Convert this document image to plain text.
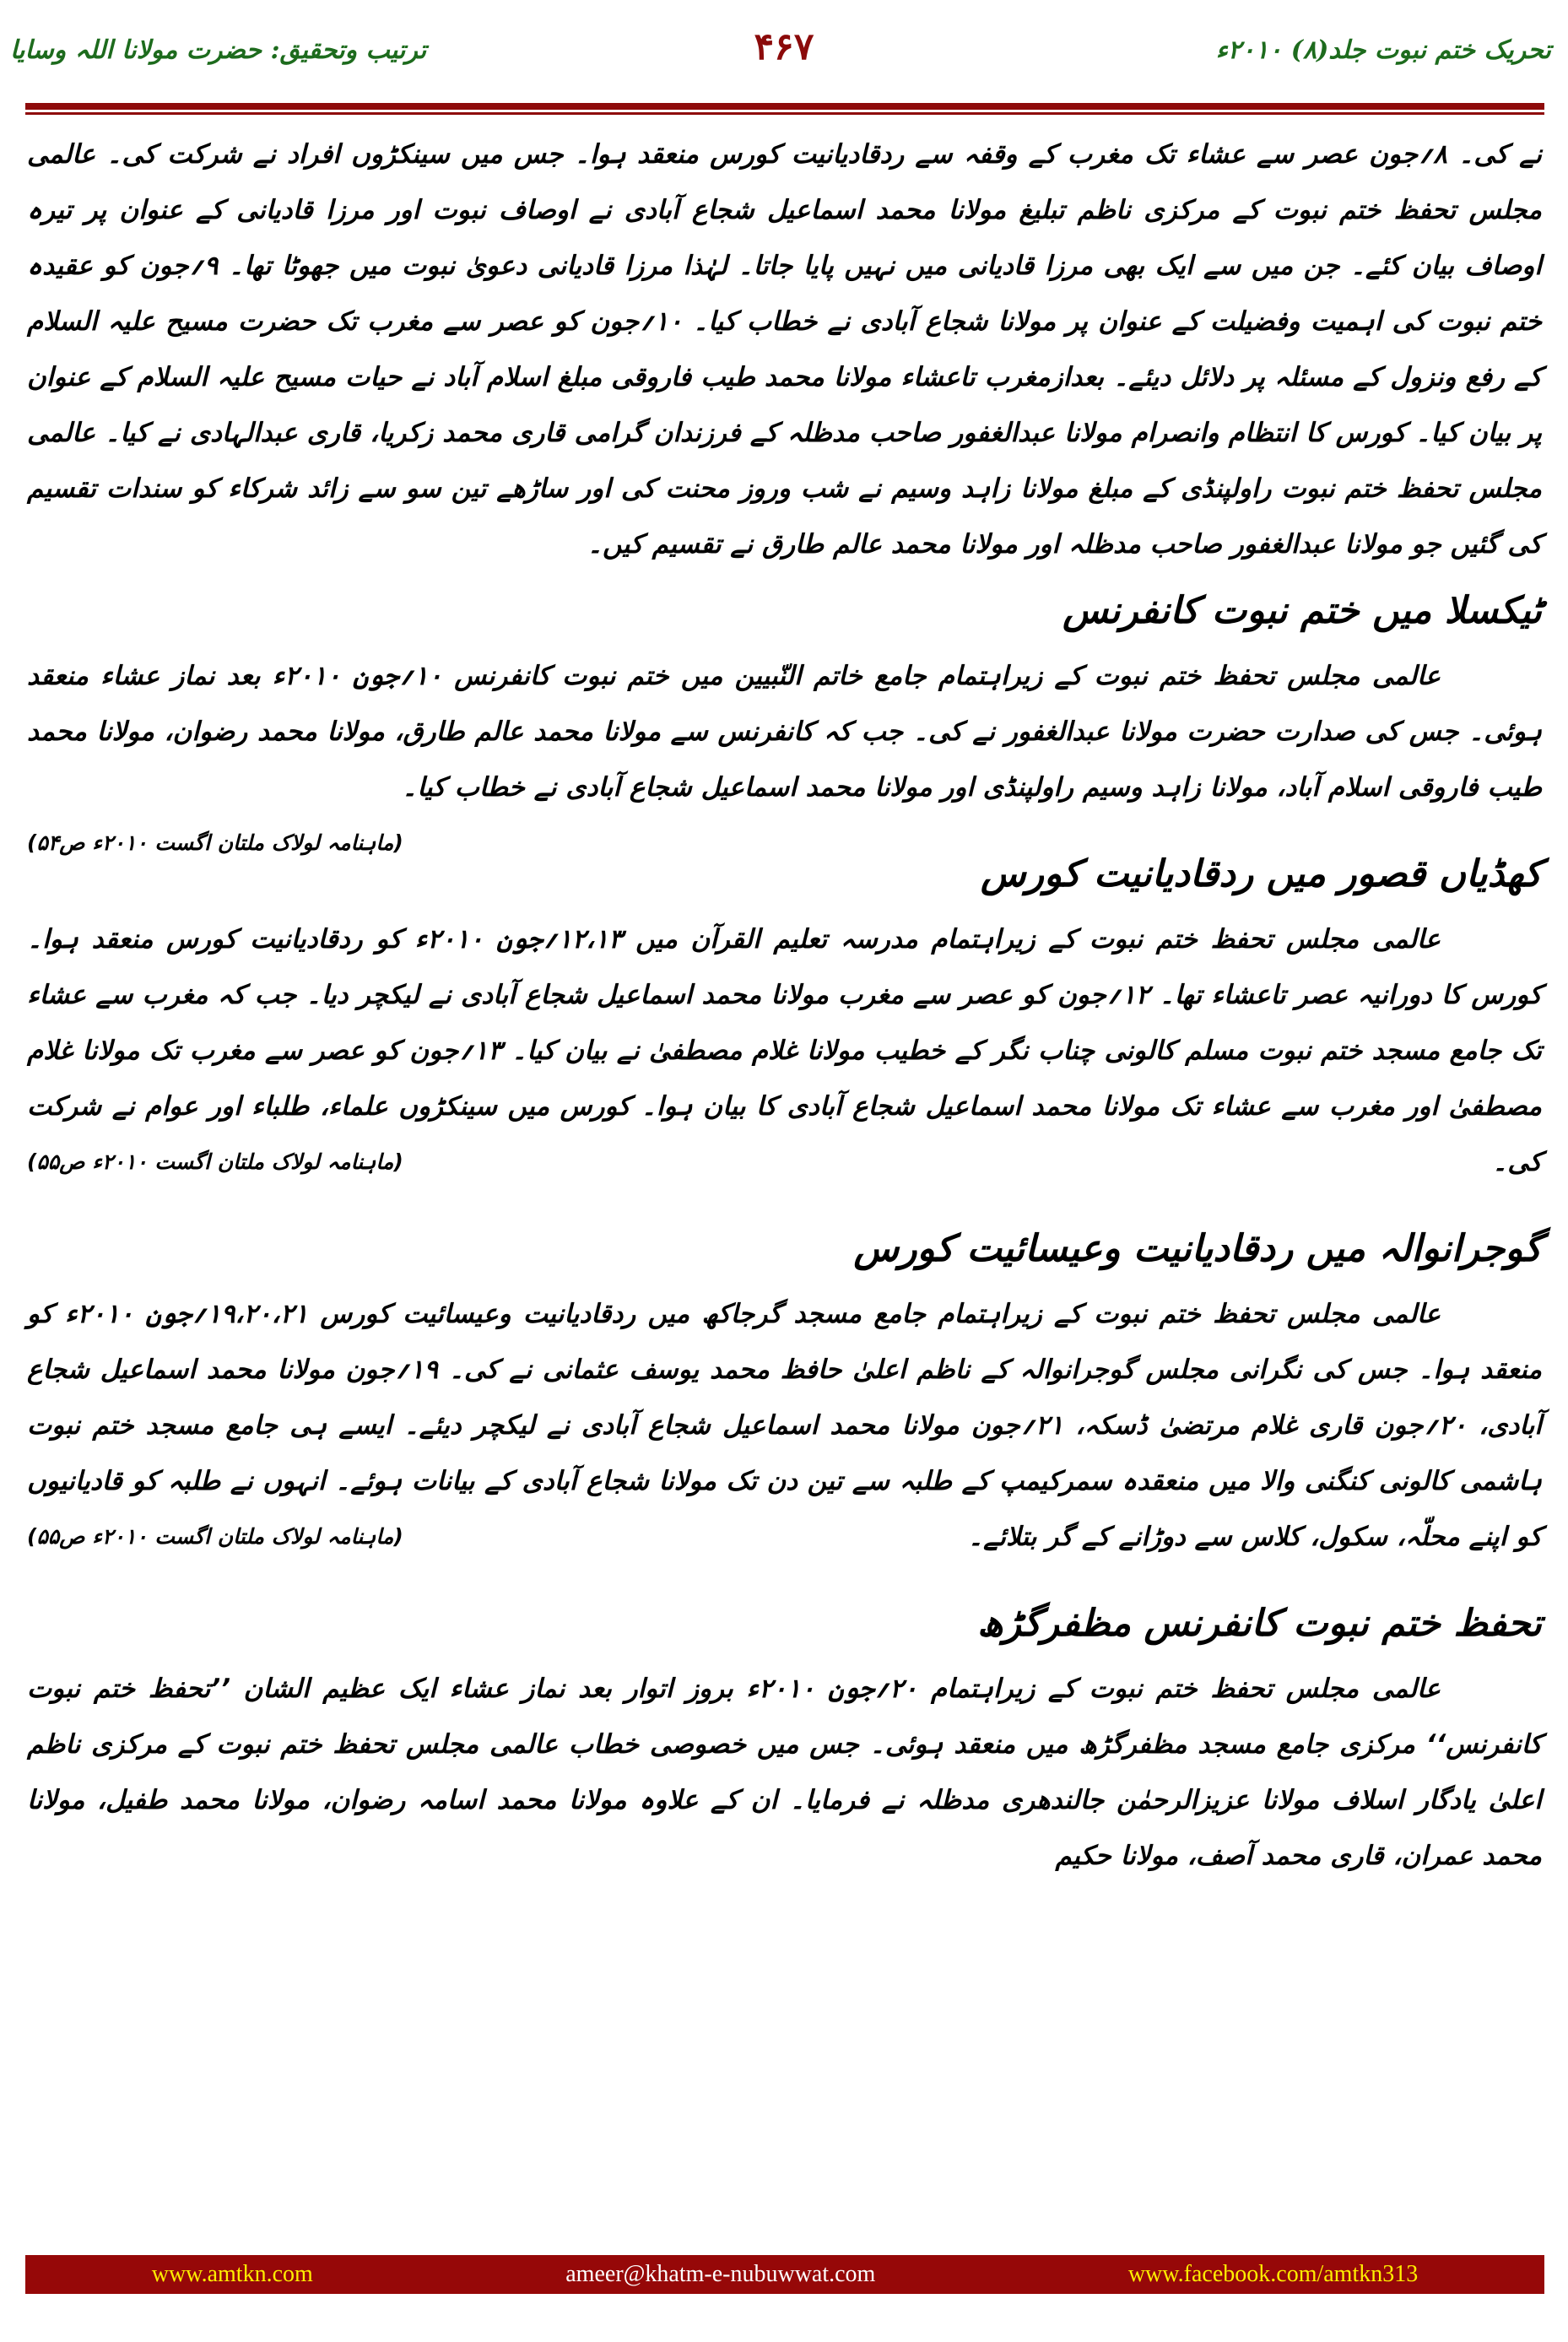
ترتیب وتحقیق: حضرت مولانا اللہ وسایا	۴۶۷	تحریک ختم نبوت جلد(۸) ۲۰۱۰ء

نے کی۔ ۸؍جون عصر سے عشاء تک مغرب کے وقفہ سے ردقادیانیت کورس منعقد ہوا۔ جس میں سینکڑوں افراد نے شرکت کی۔ عالمی مجلس تحفظ ختم نبوت کے مرکزی ناظم تبلیغ مولانا محمد اسماعیل شجاع آبادی نے اوصاف نبوت اور مرزا قادیانی کے عنوان پر تیرہ اوصاف بیان کئے۔ جن میں سے ایک بھی مرزا قادیانی میں نہیں پایا جاتا۔ لہٰذا مرزا قادیانی دعویٰ نبوت میں جھوٹا تھا۔ ۹؍جون کو عقیدہ ختم نبوت کی اہمیت وفضیلت کے عنوان پر مولانا شجاع آبادی نے خطاب کیا۔ ۱۰؍جون کو عصر سے مغرب تک حضرت مسیح علیہ السلام کے رفع ونزول کے مسئلہ پر دلائل دیئے۔ بعدازمغرب تاعشاء مولانا محمد طیب فاروقی مبلغ اسلام آباد نے حیات مسیح علیہ السلام کے عنوان پر بیان کیا۔ کورس کا انتظام وانصرام مولانا عبدالغفور صاحب مدظلہ کے فرزندان گرامی قاری محمد زکریا، قاری عبدالہادی نے کیا۔ عالمی مجلس تحفظ ختم نبوت راولپنڈی کے مبلغ مولانا زاہد وسیم نے شب وروز محنت کی اور ساڑھے تین سو سے زائد شرکاء کو سندات تقسیم کی گئیں جو مولانا عبدالغفور صاحب مدظلہ اور مولانا محمد عالم طارق نے تقسیم کیں۔

ٹیکسلا میں ختم نبوت کانفرنس

عالمی مجلس تحفظ ختم نبوت کے زیراہتمام جامع خاتم النّبیین میں ختم نبوت کانفرنس ۱۰؍جون ۲۰۱۰ء بعد نماز عشاء منعقد ہوئی۔ جس کی صدارت حضرت مولانا عبدالغفور نے کی۔ جب کہ کانفرنس سے مولانا محمد عالم طارق، مولانا محمد رضوان، مولانا محمد طیب فاروقی اسلام آباد، مولانا زاہد وسیم راولپنڈی اور مولانا محمد اسماعیل شجاع آبادی نے خطاب کیا۔
(ماہنامہ لولاک ملتان اگست ۲۰۱۰ء ص۵۴)

کھڈیاں قصور میں ردقادیانیت کورس

عالمی مجلس تحفظ ختم نبوت کے زیراہتمام مدرسہ تعلیم القرآن میں ۱۲،۱۳؍جون ۲۰۱۰ء کو ردقادیانیت کورس منعقد ہوا۔ کورس کا دورانیہ عصر تاعشاء تھا۔ ۱۲؍جون کو عصر سے مغرب مولانا محمد اسماعیل شجاع آبادی نے لیکچر دیا۔ جب کہ مغرب سے عشاء تک جامع مسجد ختم نبوت مسلم کالونی چناب نگر کے خطیب مولانا غلام مصطفیٰ نے بیان کیا۔ ۱۳؍جون کو عصر سے مغرب تک مولانا غلام مصطفیٰ اور مغرب سے عشاء تک مولانا محمد اسماعیل شجاع آبادی کا بیان ہوا۔ کورس میں سینکڑوں علماء، طلباء اور عوام نے شرکت کی۔
(ماہنامہ لولاک ملتان اگست ۲۰۱۰ء ص۵۵)

گوجرانوالہ میں ردقادیانیت وعیسائیت کورس

عالمی مجلس تحفظ ختم نبوت کے زیراہتمام جامع مسجد گرجاکھ میں ردقادیانیت وعیسائیت کورس ۱۹،۲۰،۲۱؍جون ۲۰۱۰ء کو منعقد ہوا۔ جس کی نگرانی مجلس گوجرانوالہ کے ناظم اعلیٰ حافظ محمد یوسف عثمانی نے کی۔ ۱۹؍جون مولانا محمد اسماعیل شجاع آبادی، ۲۰؍جون قاری غلام مرتضیٰ ڈسکہ، ۲۱؍جون مولانا محمد اسماعیل شجاع آبادی نے لیکچر دیئے۔ ایسے ہی جامع مسجد ختم نبوت ہاشمی کالونی کنگنی والا میں منعقدہ سمرکیمپ کے طلبہ سے تین دن تک مولانا شجاع آبادی کے بیانات ہوئے۔ انہوں نے طلبہ کو قادیانیوں کو اپنے محلّہ، سکول، کلاس سے دوڑانے کے گر بتلائے۔
(ماہنامہ لولاک ملتان اگست ۲۰۱۰ء ص۵۵)

تحفظ ختم نبوت کانفرنس مظفرگڑھ

عالمی مجلس تحفظ ختم نبوت کے زیراہتمام ۲۰؍جون ۲۰۱۰ء بروز اتوار بعد نماز عشاء ایک عظیم الشان ’’تحفظ ختم نبوت کانفرنس‘‘ مرکزی جامع مسجد مظفرگڑھ میں منعقد ہوئی۔ جس میں خصوصی خطاب عالمی مجلس تحفظ ختم نبوت کے مرکزی ناظم اعلیٰ یادگار اسلاف مولانا عزیزالرحمٰن جالندھری مدظلہ نے فرمایا۔ ان کے علاوہ مولانا محمد اسامہ رضوان، مولانا محمد طفیل، مولانا محمد عمران، قاری محمد آصف، مولانا حکیم

www.amtkn.com	ameer@khatm-e-nubuwwat.com	www.facebook.com/amtkn313
